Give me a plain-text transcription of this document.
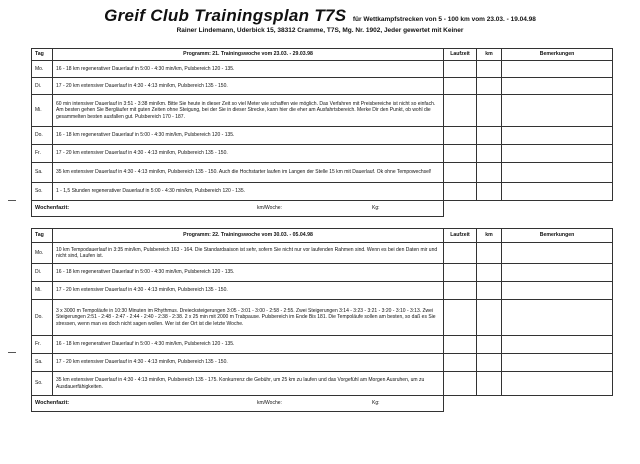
Greif Club Trainingsplan T7S für Wettkampfstrecken von 5 - 100 km vom 23.03. - 19.04.98
Rainer Lindemann, Uderbick 15, 38312 Cramme, T7S, Mg. Nr. 1902, Jeder gewertet mit Keiner
Tag	Programm: 21. Trainingswoche vom 23.03. - 29.03.98	Laufzeit	km	Bemerkungen
Mo.	16 - 18 km regenerativer Dauerlauf in 5:00 - 4:30 min/km, Pulsbereich 120 - 135.			
Di.	17 - 20 km extensiver Dauerlauf in 4:30 - 4:13 min/km, Pulsbereich 135 - 150.			
Mi.	60 min intensiver Dauerlauf in 3:51 - 3:38 min/km. Bitte Sie heute in dieser Zeit so viel Meter wie schaffen wie möglich. Das Verfahren mit Preisbereiche ist nicht so einfach. Am besten gehen Sie Bergläufer mit guten Zeiten ohne Steigung, bei der Sie in dieser Strecke, kann hier die eher am Ausfahrtsbereich. Merke Dir den Punkt, ob wohl die gesammelten besten ausfallen gut. Pulsbereich 170 - 187.			
Do.	16 - 18 km regenerativer Dauerlauf in 5:00 - 4:30 min/km, Pulsbereich 120 - 135.			
Fr.	17 - 20 km extensiver Dauerlauf in 4:30 - 4:13 min/km, Pulsbereich 135 - 150.			
Sa.	35 km extensiver Dauerlauf in 4:30 - 4:13 min/km, Pulsbereich 135 - 150. Auch die Hochstarter laufen im Langen der Stelle 15 km mit Dauerlauf. Ok ohne Tempowechsel!			
So.	1 - 1,5 Stunden regenerativer Dauerlauf in 5:00 - 4:30 min/km, Pulsbereich 120 - 135.			

Wochenfazit: km/Woche: Kg:				

Tag	Programm: 22. Trainingswoche vom 30.03. - 05.04.98	Laufzeit	km	Bemerkungen
Mo.	10 km Tempodauerlauf in 3:35 min/km, Pulsbereich 163 - 164. Die Standardsaison ist sehr, sofern Sie nicht nur vor laufenden Rahmen sind. Wenn es bei den Daten mir und nicht sind, Laufen ist.			
Di.	16 - 18 km regenerativer Dauerlauf in 5:00 - 4:30 min/km, Pulsbereich 120 - 135.			
Mi.	17 - 20 km extensiver Dauerlauf in 4:30 - 4:13 min/km, Pulsbereich 135 - 150.			
Do.	3 x 3000 m Tempoläufe in 10:30 Minuten im Rhythmus. Dreiecksteigerungen 3:05 - 3:01 - 3:00 - 2:58 - 2:55. Zwei Steigerungen 3:14 - 3:23 - 3:21 - 3:20 - 3:10 - 3:13. Zwei Steigerungen 2:51 - 2:48 - 2:47 - 2:44 - 2:40 - 2:38 - 2:38. 2 x 25 min mit 2000 m Trabpause. Pulsbereich im Ende Bis 181. Die Tempoläufe sollen am besten, so daß es Sie stressen, wenn man es doch nicht sagen wollen. Wer ist der Ort ist die letzte Woche.			
Fr.	16 - 18 km regenerativer Dauerlauf in 5:00 - 4:30 min/km, Pulsbereich 120 - 135.			
Sa.	17 - 20 km extensiver Dauerlauf in 4:30 - 4:13 min/km, Pulsbereich 135 - 150.			
So.	35 km extensiver Dauerlauf in 4:30 - 4:13 min/km, Pulsbereich 135 - 175. Konkurrenz die Gebühr, um 25 km zu laufen und das Vorgefühl am Morgen Ausruhen, um zu Ausdauerfähigkeiten.			

Wochenfazit: km/Woche: Kg:				
